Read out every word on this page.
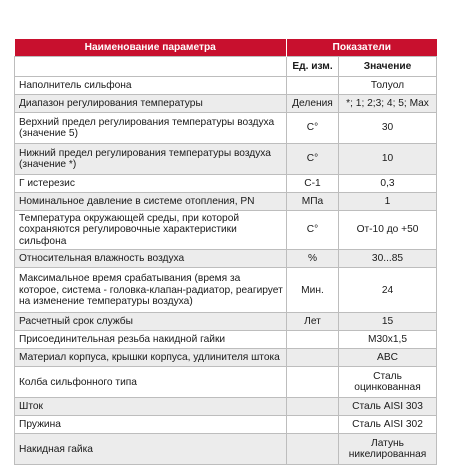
Наименование параметра	Показатели	
	Ед. изм.	Значение
Наполнитель сильфона		Толуол
Диапазон регулирования температуры	Деления	*; 1; 2;3; 4; 5; Max
Верхний предел регулирования температуры воздуха (значение 5)	С°	30
Нижний предел регулирования температуры воздуха (значение *)	С°	10
Г истерезис	С-1	0,3
Номинальное давление в системе отопления, PN	МПа	1
Температура окружающей среды, при которой сохраняются регулировочные характеристики сильфона	С°	От-10 до +50
Относительная влажность воздуха	%	30...85
Максимальное время срабатывания (время за которое, система - головка-клапан-радиатор, реагирует на изменение температуры воздуха)	Мин.	24
Расчетный срок службы	Лет	15
Присоединительная резьба накидной гайки		M30x1,5
Материал корпуса, крышки корпуса, удлинителя штока		ABC
Колба сильфонного типа		Сталь оцинкованная
Шток		Сталь AISI 303
Пружина		Сталь AISI 302
Накидная гайка		Латунь никелированная
